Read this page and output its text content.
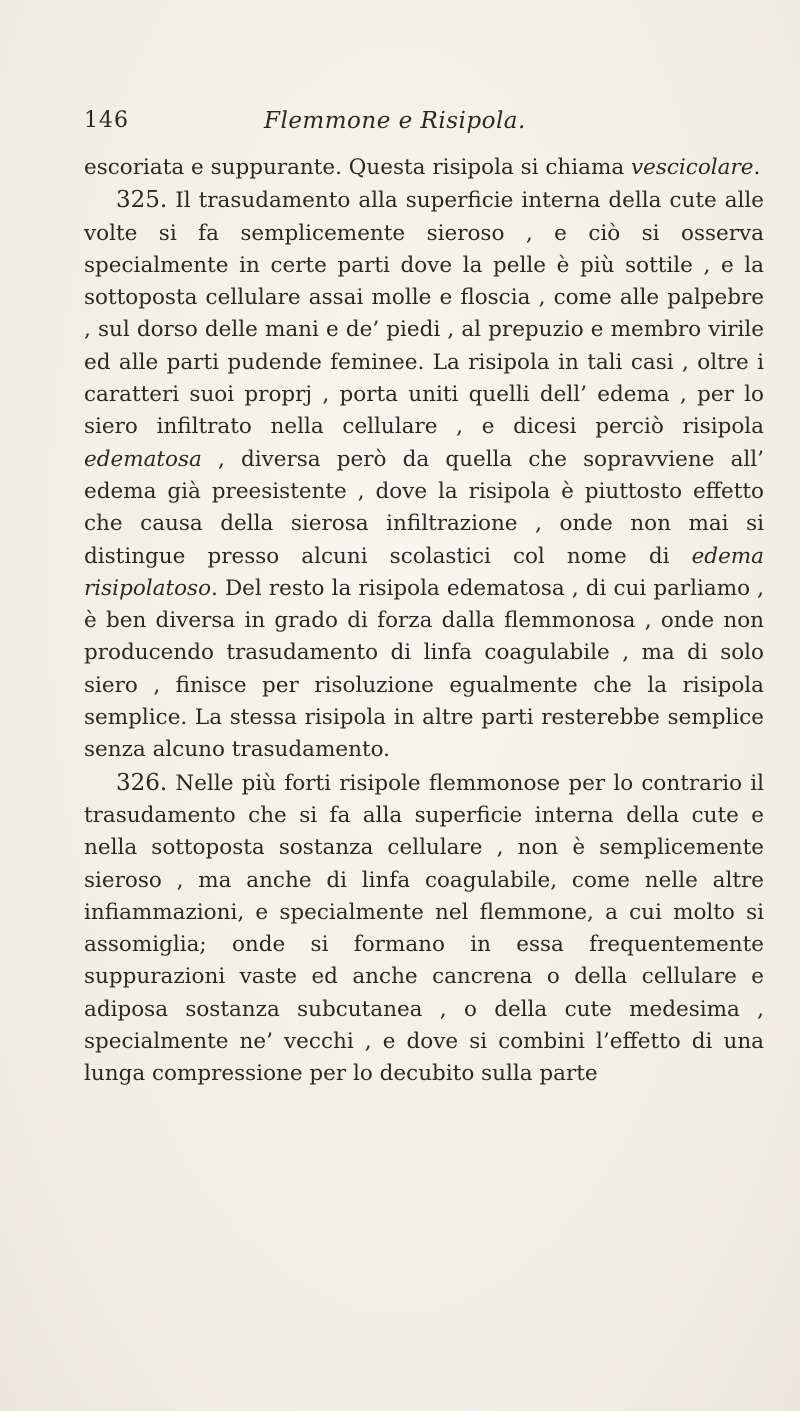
146	Flemmone e Risipola.

escoriata e suppurante. Questa risipola si chiama vescicolare.

325. Il trasudamento alla superficie interna della cute alle volte si fa semplicemente sieroso , e ciò si osserva specialmente in certe parti dove la pelle è più sottile , e la sottoposta cellulare assai molle e floscia , come alle palpebre , sul dorso delle mani e de’ piedi , al prepuzio e membro virile ed alle parti pudende feminee. La risipola in tali casi , oltre i caratteri suoi proprj , porta uniti quelli dell’ edema , per lo siero infiltrato nella cellulare , e dicesi perciò risipola edematosa , diversa però da quella che sopravviene all’ edema già preesistente , dove la risipola è piuttosto effetto che causa della sierosa infiltrazione , onde non mai si distingue presso alcuni scolastici col nome di edema risipolatoso. Del resto la risipola edematosa , di cui parliamo , è ben diversa in grado di forza dalla flemmonosa , onde non producendo trasudamento di linfa coagulabile , ma di solo siero , finisce per risoluzione egualmente che la risipola semplice. La stessa risipola in altre parti resterebbe semplice senza alcuno trasudamento.

326. Nelle più forti risipole flemmonose per lo contrario il trasudamento che si fa alla superficie interna della cute e nella sottoposta sostanza cellulare , non è semplicemente sieroso , ma anche di linfa coagulabile, come nelle altre infiammazioni, e specialmente nel flemmone, a cui molto si assomiglia; onde si formano in essa frequentemente suppurazioni vaste ed anche cancrena o della cellulare e adiposa sostanza subcutanea , o della cute medesima , specialmente ne’ vecchi , e dove si combini l’effetto di una lunga compressione per lo decubito sulla parte
